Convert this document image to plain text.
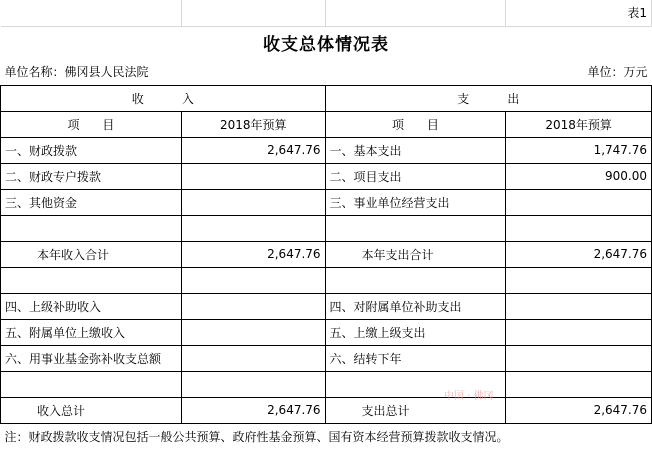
			表1
收支总体情况表			
单位名称：佛冈县人民法院			单位：万元
收          入		支          出	
项      目	2018年预算	项      目	2018年预算
一、财政拨款	2,647.76	一、基本支出	1,747.76
二、财政专户拨款		二、项目支出	900.00
三、其他资金		三、事业单位经营支出	

本年收入合计	2,647.76	本年支出合计	2,647.76

四、上级补助收入		四、对附属单位补助支出	
五、附属单位上缴收入		五、上缴上级支出	
六、用事业基金弥补收支总额		六、结转下年	

收入总计	2,647.76	支出总计	2,647.76
注：财政拨款收支情况包括一般公共预算、政府性基金预算、国有资本经营预算拨款收支情况。			
中国 · 佛冈
